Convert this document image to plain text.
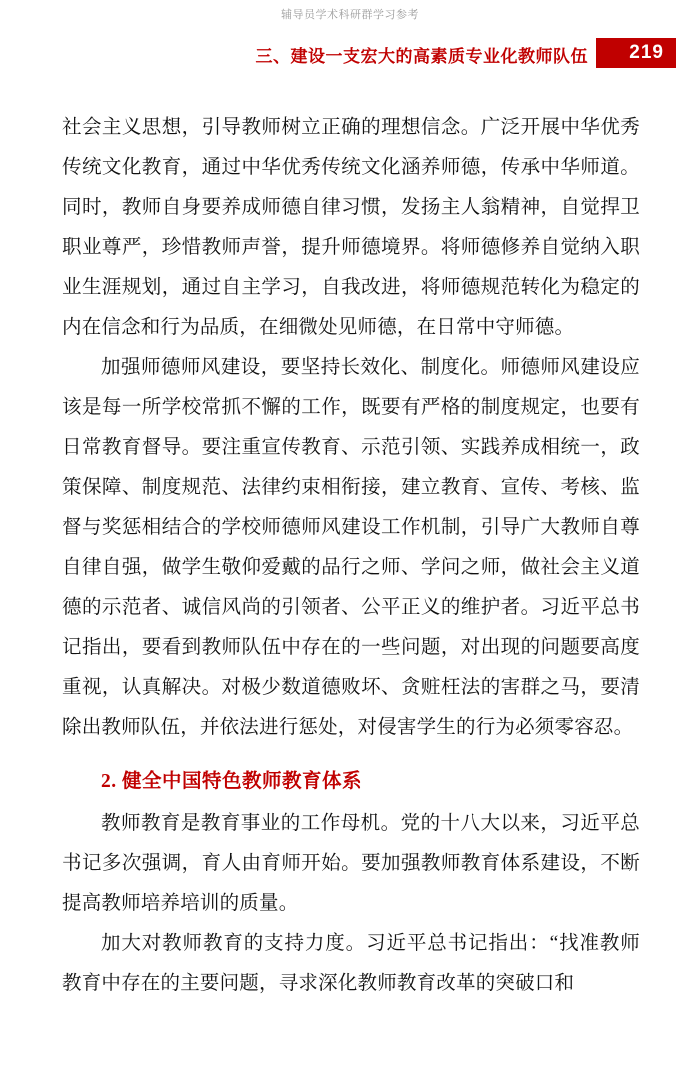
辅导员学术科研群学习参考
三、建设一支宏大的高素质专业化教师队伍 219

社会主义思想，引导教师树立正确的理想信念。广泛开展中华优秀传统文化教育，通过中华优秀传统文化涵养师德，传承中华师道。同时，教师自身要养成师德自律习惯，发扬主人翁精神，自觉捍卫职业尊严，珍惜教师声誉，提升师德境界。将师德修养自觉纳入职业生涯规划，通过自主学习，自我改进，将师德规范转化为稳定的内在信念和行为品质，在细微处见师德，在日常中守师德。

加强师德师风建设，要坚持长效化、制度化。师德师风建设应该是每一所学校常抓不懈的工作，既要有严格的制度规定，也要有日常教育督导。要注重宣传教育、示范引领、实践养成相统一，政策保障、制度规范、法律约束相衔接，建立教育、宣传、考核、监督与奖惩相结合的学校师德师风建设工作机制，引导广大教师自尊自律自强，做学生敬仰爱戴的品行之师、学问之师，做社会主义道德的示范者、诚信风尚的引领者、公平正义的维护者。习近平总书记指出，要看到教师队伍中存在的一些问题，对出现的问题要高度重视，认真解决。对极少数道德败坏、贪赃枉法的害群之马，要清除出教师队伍，并依法进行惩处，对侵害学生的行为必须零容忍。

2. 健全中国特色教师教育体系

教师教育是教育事业的工作母机。党的十八大以来，习近平总书记多次强调，育人由育师开始。要加强教师教育体系建设，不断提高教师培养培训的质量。

加大对教师教育的支持力度。习近平总书记指出：“找准教师教育中存在的主要问题，寻求深化教师教育改革的突破口和
